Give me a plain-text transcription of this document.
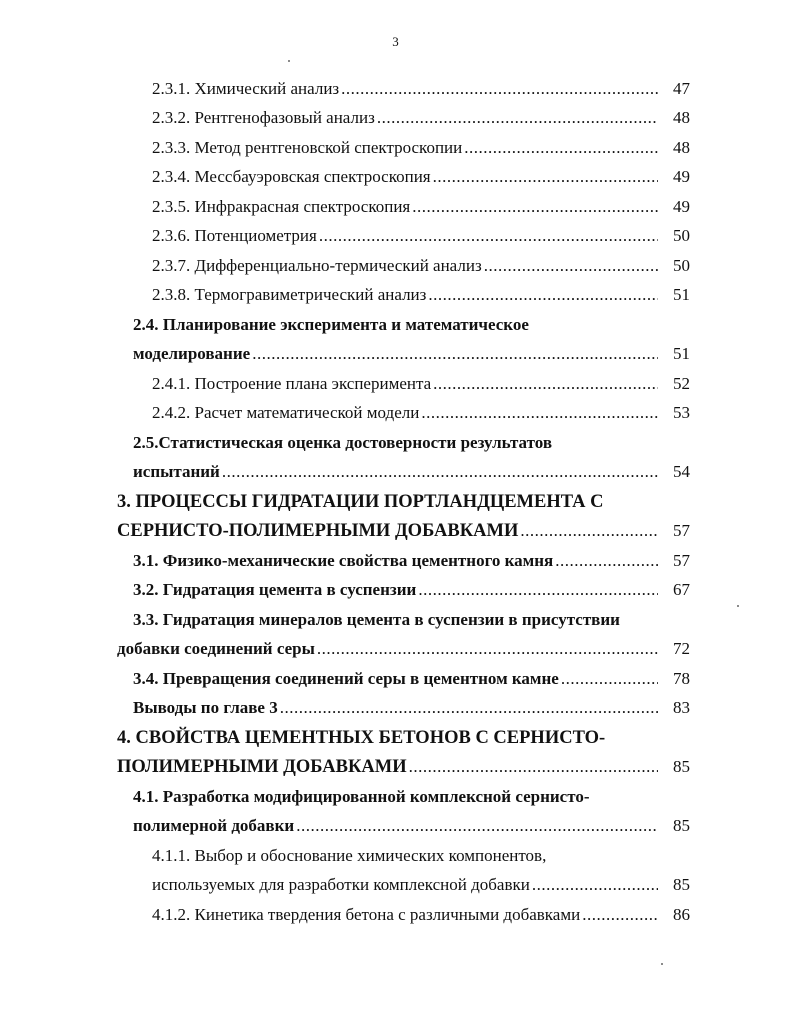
3
2.3.1. Химический анализ .....	47
2.3.2. Рентгенофазовый анализ .....	48
2.3.3. Метод рентгеновской спектроскопии .....	48
2.3.4. Мессбауэровская спектроскопия .....	49
2.3.5. Инфракрасная спектроскопия .....	49
2.3.6. Потенциометрия .....	50
2.3.7. Дифференциально-термический анализ .....	50
2.3.8. Термогравиметрический анализ .....	51
2.4. Планирование эксперимента и математическое
моделирование .....	51
2.4.1. Построение плана эксперимента .....	52
2.4.2. Расчет математической модели .....	53
2.5.Статистическая оценка достоверности результатов
испытаний .....	54
3. ПРОЦЕССЫ ГИДРАТАЦИИ ПОРТЛАНДЦЕМЕНТА С
СЕРНИСТО-ПОЛИМЕРНЫМИ ДОБАВКАМИ .....	57
3.1. Физико-механические свойства цементного камня .....	57
3.2. Гидратация цемента в суспензии .....	67
3.3. Гидратация минералов цемента в суспензии в присутствии
добавки соединений серы .....	72
3.4. Превращения соединений серы в цементном камне .....	78
Выводы по главе 3 .....	83
4. СВОЙСТВА ЦЕМЕНТНЫХ БЕТОНОВ С СЕРНИСТО-
ПОЛИМЕРНЫМИ ДОБАВКАМИ .....	85
4.1. Разработка модифицированной комплексной сернисто-
полимерной добавки .....	85
4.1.1. Выбор и обоснование химических компонентов,
используемых для разработки комплексной добавки .....	85
4.1.2. Кинетика твердения бетона с различными добавками .....	86
